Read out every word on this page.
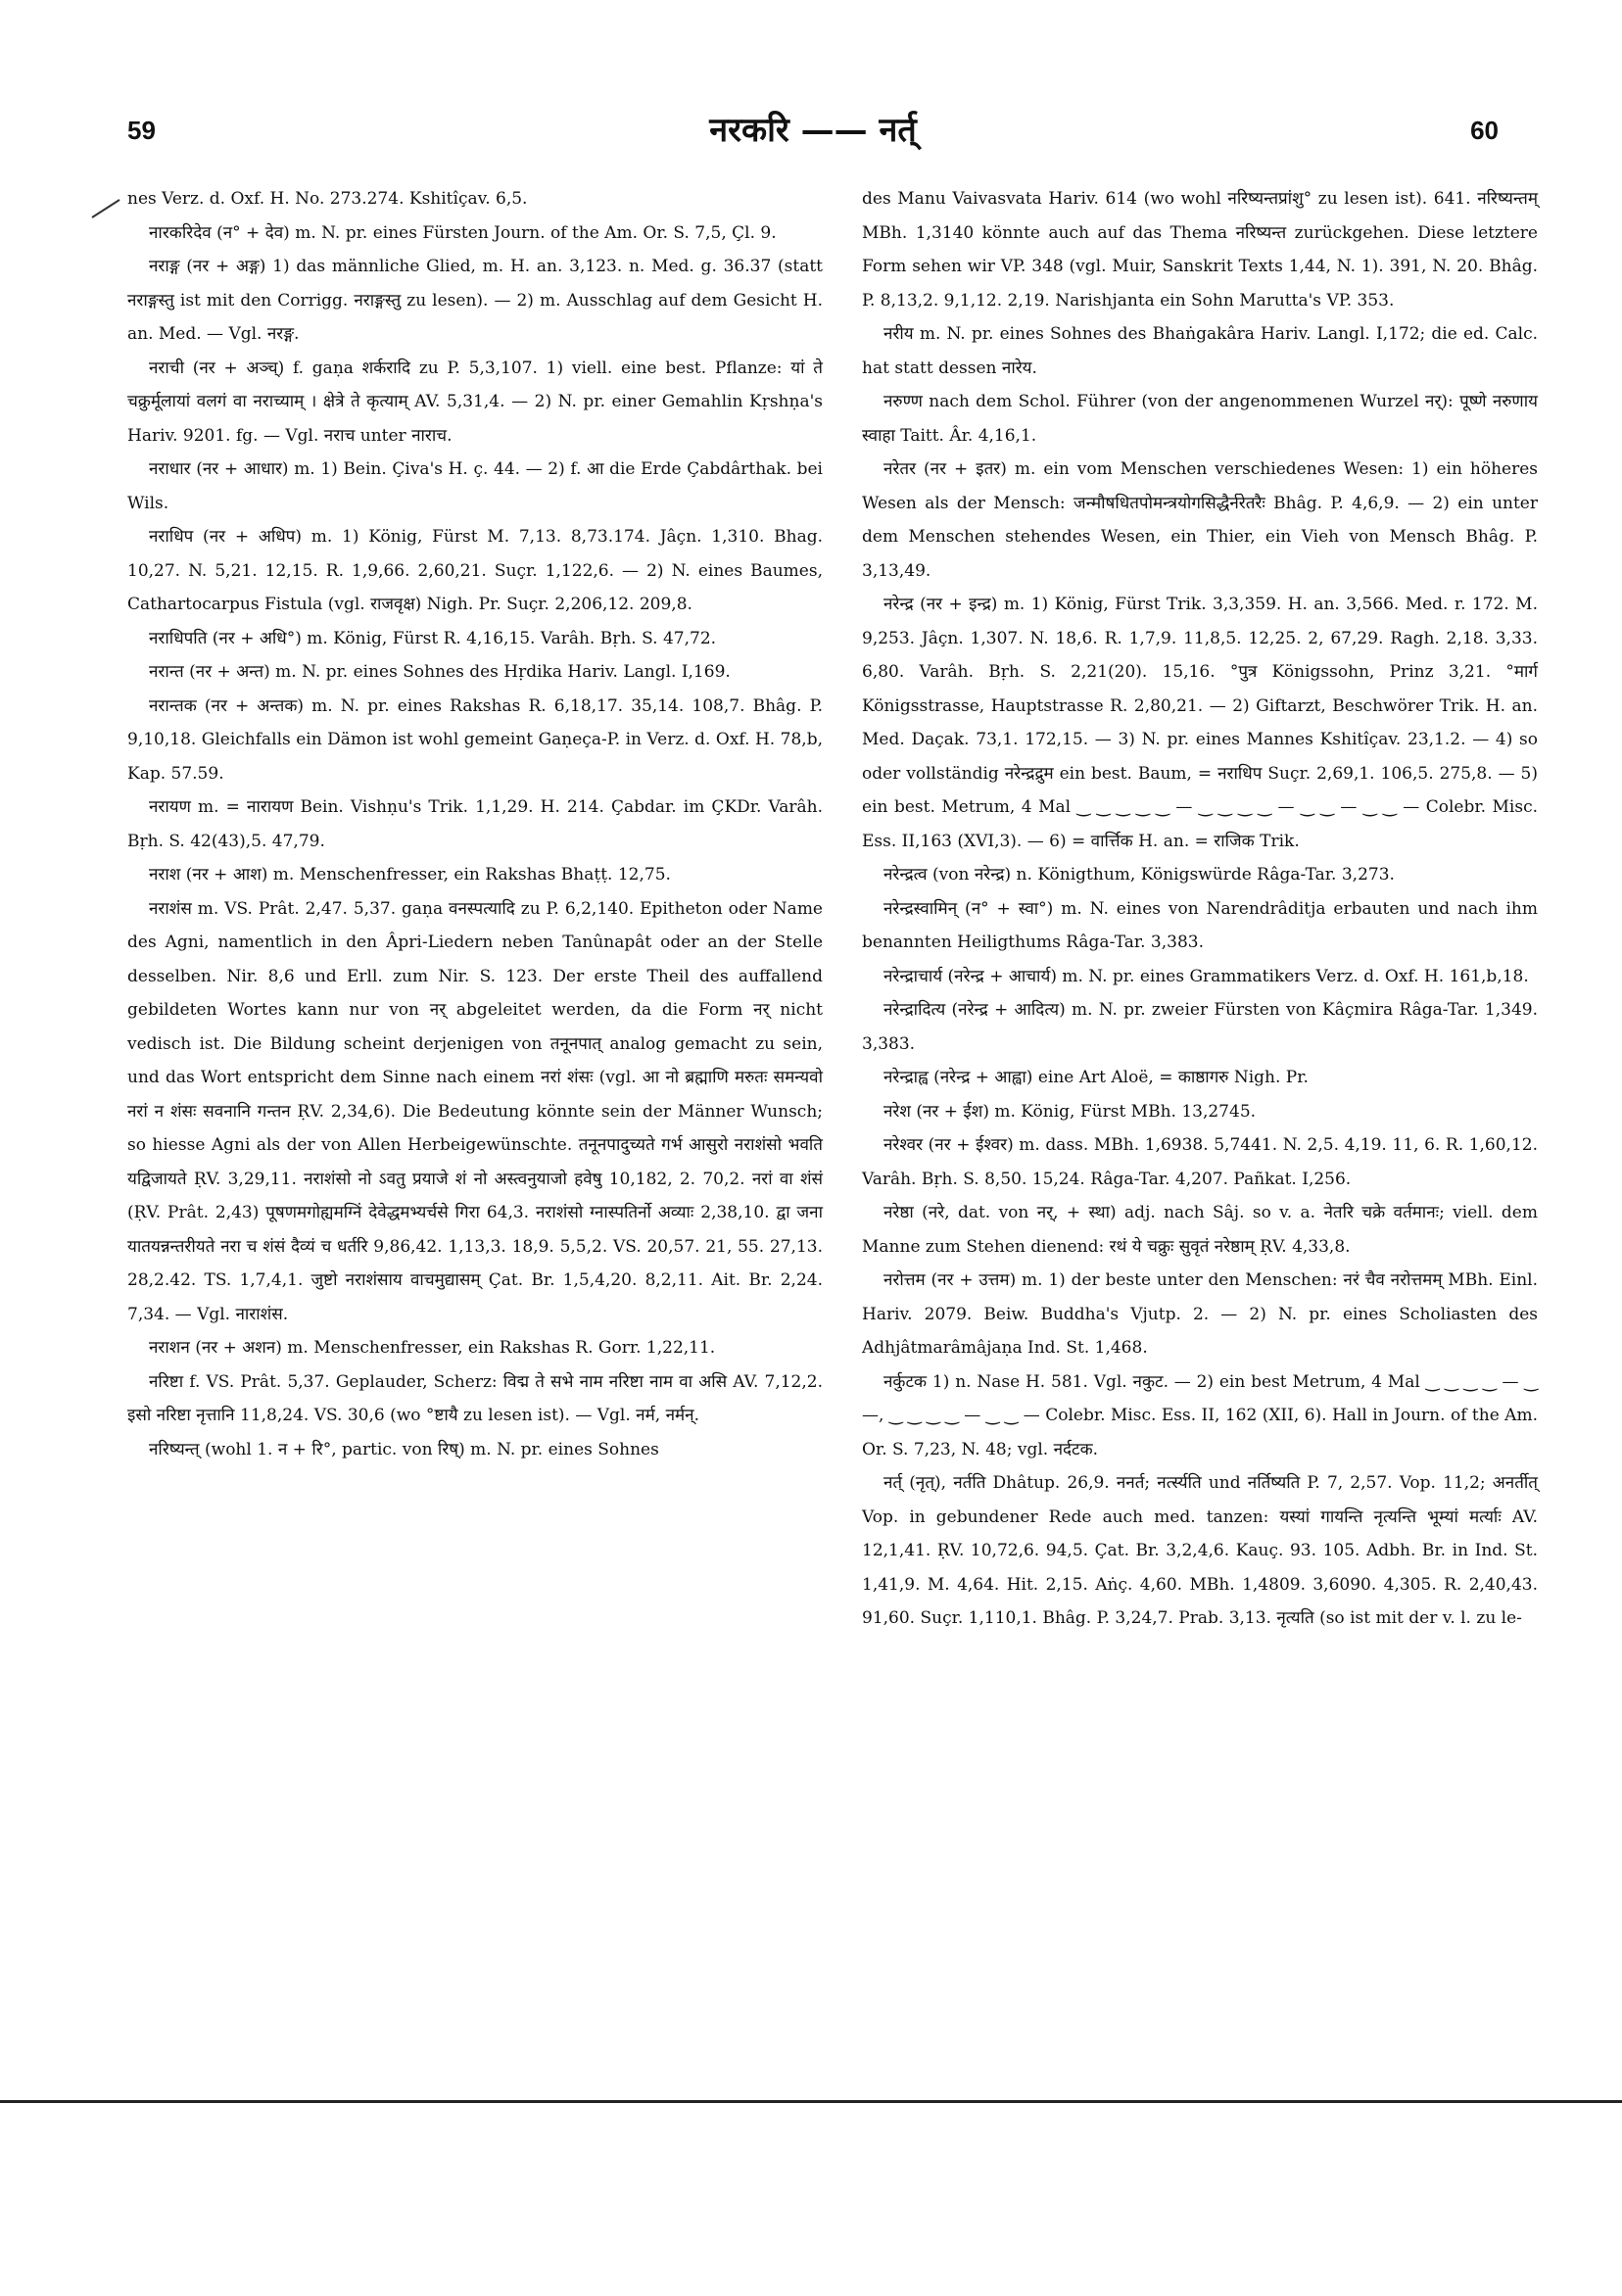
59	नरकरि —— नर्त्	60

nes Verz. d. Oxf. H. No. 273.274. Kshitîçav. 6,5.

नारकरिदेव (न° + देव) m. N. pr. eines Fürsten Journ. of the Am. Or. S. 7,5, Çl. 9.

नराङ्ग (नर + अङ्ग) 1) das männliche Glied, m. H. an. 3,123. n. Med. g. 36.37 (statt नराङ्गस्तु ist mit den Corrigg. नराङ्गस्तु zu lesen). — 2) m. Ausschlag auf dem Gesicht H. an. Med. — Vgl. नरङ्ग.

नराची (नर + अञ्च्) f. gaṇa शर्करादि zu P. 5,3,107. 1) viell. eine best. Pflanze: यां ते चक्रुर्मूलायां वलगं वा नराच्याम् । क्षेत्रे ते कृत्याम् AV. 5,31,4. — 2) N. pr. einer Gemahlin Kṛshṇa's Hariv. 9201. fg. — Vgl. नराच unter नाराच.

नराधार (नर + आधार) m. 1) Bein. Çiva's H. ç. 44. — 2) f. आ die Erde Çabdârthak. bei Wils.

नराधिप (नर + अधिप) m. 1) König, Fürst M. 7,13. 8,73.174. Jâçn. 1,310. Bhag. 10,27. N. 5,21. 12,15. R. 1,9,66. 2,60,21. Suçr. 1,122,6. — 2) N. eines Baumes, Cathartocarpus Fistula (vgl. राजवृक्ष) Nigh. Pr. Suçr. 2,206,12. 209,8.

नराधिपति (नर + अधि°) m. König, Fürst R. 4,16,15. Varâh. Bṛh. S. 47,72.

नरान्त (नर + अन्त) m. N. pr. eines Sohnes des Hṛdika Hariv. Langl. I,169.

नरान्तक (नर + अन्तक) m. N. pr. eines Rakshas R. 6,18,17. 35,14. 108,7. Bhâg. P. 9,10,18. Gleichfalls ein Dämon ist wohl gemeint Gaṇeça-P. in Verz. d. Oxf. H. 78,b, Kap. 57.59.

नरायण m. = नारायण Bein. Vishṇu's Trik. 1,1,29. H. 214. Çabdar. im ÇKDr. Varâh. Bṛh. S. 42(43),5. 47,79.

नराश (नर + आश) m. Menschenfresser, ein Rakshas Bhaṭṭ. 12,75.

नराशंस m. VS. Prât. 2,47. 5,37. gaṇa वनस्पत्यादि zu P. 6,2,140. Epitheton oder Name des Agni, namentlich in den Âpri-Liedern neben Tanûnapât oder an der Stelle desselben. Nir. 8,6 und Erll. zum Nir. S. 123. Der erste Theil des auffallend gebildeten Wortes kann nur von नर् abgeleitet werden, da die Form नर् nicht vedisch ist. Die Bildung scheint derjenigen von तनूनपात् analog gemacht zu sein, und das Wort entspricht dem Sinne nach einem नरां शंसः (vgl. आ नो ब्रह्माणि मरुतः समन्यवो नरां न शंसः सवनानि गन्तन ṚV. 2,34,6). Die Bedeutung könnte sein der Männer Wunsch; so hiesse Agni als der von Allen Herbeigewünschte. तनूनपादुच्यते गर्भ आसुरो नराशंसो भवति यद्विजायते ṚV. 3,29,11. नराशंसो नो ऽवतु प्रयाजे शं नो अस्त्वनुयाजो हवेषु 10,182, 2. 70,2. नरां वा शंसं (ṚV. Prât. 2,43) पूषणमगोह्यमग्निं देवेद्धमभ्यर्चसे गिरा 64,3. नराशंसो ग्नास्पतिर्नो अव्याः 2,38,10. द्वा जना यातयन्नन्तरीयते नरा च शंसं दैव्यं च धर्तरि 9,86,42. 1,13,3. 18,9. 5,5,2. VS. 20,57. 21, 55. 27,13. 28,2.42. TS. 1,7,4,1. जुष्टो नराशंसाय वाचमुद्यासम् Çat. Br. 1,5,4,20. 8,2,11. Ait. Br. 2,24. 7,34. — Vgl. नाराशंस.

नराशन (नर + अशन) m. Menschenfresser, ein Rakshas R. Gorr. 1,22,11.

नरिष्टा f. VS. Prât. 5,37. Geplauder, Scherz: विद्म ते सभे नाम नरिष्टा नाम वा असि AV. 7,12,2. इसो नरिष्टा नृत्तानि 11,8,24. VS. 30,6 (wo °ष्टायै zu lesen ist). — Vgl. नर्म, नर्मन्.

नरिष्यन्त् (wohl 1. न + रि°, partic. von रिष्) m. N. pr. eines Sohnes

des Manu Vaivasvata Hariv. 614 (wo wohl नरिष्यन्तप्रांशु° zu lesen ist). 641. नरिष्यन्तम् MBh. 1,3140 könnte auch auf das Thema नरिष्यन्त zurückgehen. Diese letztere Form sehen wir VP. 348 (vgl. Muir, Sanskrit Texts 1,44, N. 1). 391, N. 20. Bhâg. P. 8,13,2. 9,1,12. 2,19. Narishjanta ein Sohn Marutta's VP. 353.

नरीय m. N. pr. eines Sohnes des Bhaṅgakâra Hariv. Langl. I,172; die ed. Calc. hat statt dessen नारेय.

नरुण्ण nach dem Schol. Führer (von der angenommenen Wurzel नर्): पूष्णे नरुणाय स्वाहा Taitt. Âr. 4,16,1.

नरेतर (नर + इतर) m. ein vom Menschen verschiedenes Wesen: 1) ein höheres Wesen als der Mensch: जन्मौषधितपोमन्त्रयोगसिद्धैर्नरेतरैः Bhâg. P. 4,6,9. — 2) ein unter dem Menschen stehendes Wesen, ein Thier, ein Vieh von Mensch Bhâg. P. 3,13,49.

नरेन्द्र (नर + इन्द्र) m. 1) König, Fürst Trik. 3,3,359. H. an. 3,566. Med. r. 172. M. 9,253. Jâçn. 1,307. N. 18,6. R. 1,7,9. 11,8,5. 12,25. 2, 67,29. Ragh. 2,18. 3,33. 6,80. Varâh. Bṛh. S. 2,21(20). 15,16. °पुत्र Königssohn, Prinz 3,21. °मार्ग Königsstrasse, Hauptstrasse R. 2,80,21. — 2) Giftarzt, Beschwörer Trik. H. an. Med. Daçak. 73,1. 172,15. — 3) N. pr. eines Mannes Kshitîçav. 23,1.2. — 4) so oder vollständig नरेन्द्रद्रुम ein best. Baum, = नराधिप Suçr. 2,69,1. 106,5. 275,8. — 5) ein best. Metrum, 4 Mal ‿ ‿ ‿ ‿ ‿ — ‿ ‿ ‿ ‿ — ‿ ‿ — ‿ ‿ — Colebr. Misc. Ess. II,163 (XVI,3). — 6) = वार्त्तिक H. an. = राजिक Trik.

नरेन्द्रत्व (von नरेन्द्र) n. Königthum, Königswürde Râga-Tar. 3,273.

नरेन्द्रस्वामिन् (न° + स्वा°) m. N. eines von Narendrâditja erbauten und nach ihm benannten Heiligthums Râga-Tar. 3,383.

नरेन्द्राचार्य (नरेन्द्र + आचार्य) m. N. pr. eines Grammatikers Verz. d. Oxf. H. 161,b,18.

नरेन्द्रादित्य (नरेन्द्र + आदित्य) m. N. pr. zweier Fürsten von Kâçmira Râga-Tar. 1,349. 3,383.

नरेन्द्राह्व (नरेन्द्र + आह्वा) eine Art Aloë, = काष्ठागरु Nigh. Pr.

नरेश (नर + ईश) m. König, Fürst MBh. 13,2745.

नरेश्वर (नर + ईश्वर) m. dass. MBh. 1,6938. 5,7441. N. 2,5. 4,19. 11, 6. R. 1,60,12. Varâh. Bṛh. S. 8,50. 15,24. Râga-Tar. 4,207. Pañkat. I,256.

नरेष्ठा (नरे, dat. von नर्, + स्था) adj. nach Sâj. so v. a. नेतरि चक्रे वर्तमानः; viell. dem Manne zum Stehen dienend: रथं ये चक्रुः सुवृतं नरेष्ठाम् ṚV. 4,33,8.

नरोत्तम (नर + उत्तम) m. 1) der beste unter den Menschen: नरं चैव नरोत्तमम् MBh. Einl. Hariv. 2079. Beiw. Buddha's Vjutp. 2. — 2) N. pr. eines Scholiasten des Adhjâtmarâmâjaṇa Ind. St. 1,468.

नर्कुटक 1) n. Nase H. 581. Vgl. नकुट. — 2) ein best Metrum, 4 Mal ‿ ‿ ‿ ‿ — ‿ —, ‿ ‿ ‿ ‿ — ‿ ‿ — Colebr. Misc. Ess. II, 162 (XII, 6). Hall in Journ. of the Am. Or. S. 7,23, N. 48; vgl. नर्दटक.

नर्त् (नृत्), नर्तति Dhâtup. 26,9. ननर्त; नर्त्स्यति und नर्तिष्यति P. 7, 2,57. Vop. 11,2; अनर्तीत् Vop. in gebundener Rede auch med. tanzen: यस्यां गायन्ति नृत्यन्ति भूम्यां मर्त्याः AV. 12,1,41. ṚV. 10,72,6. 94,5. Çat. Br. 3,2,4,6. Kauç. 93. 105. Adbh. Br. in Ind. St. 1,41,9. M. 4,64. Hit. 2,15. Aṅç. 4,60. MBh. 1,4809. 3,6090. 4,305. R. 2,40,43. 91,60. Suçr. 1,110,1. Bhâg. P. 3,24,7. Prab. 3,13. नृत्यति (so ist mit der v. l. zu le-
